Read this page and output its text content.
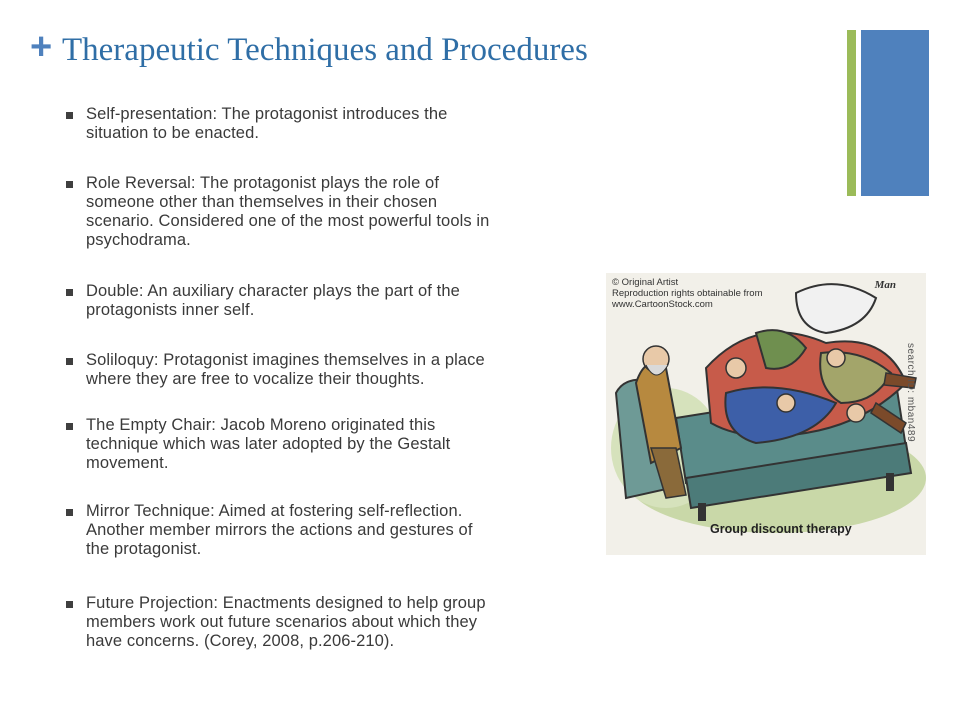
+ Therapeutic Techniques and Procedures
Self-presentation: The protagonist introduces the
situation to be enacted.
Role Reversal: The protagonist plays the role of
someone other than themselves in their chosen
scenario. Considered one of the most powerful tools in
psychodrama.
Double: An auxiliary character plays the part of the
protagonists inner self.
Soliloquy: Protagonist imagines themselves in a place
where they are free to vocalize their thoughts.
The Empty Chair: Jacob Moreno originated this
technique which was later adopted by the Gestalt
movement.
Mirror Technique: Aimed at fostering self-reflection.
Another member mirrors the actions and gestures of
the protagonist.
Future Projection: Enactments designed to help group
members work out future scenarios about which they
have concerns. (Corey, 2008, p.206-210).
© Original Artist
Reproduction rights obtainable from
www.CartoonStock.com
Man
search ID: mban489
Group discount therapy
